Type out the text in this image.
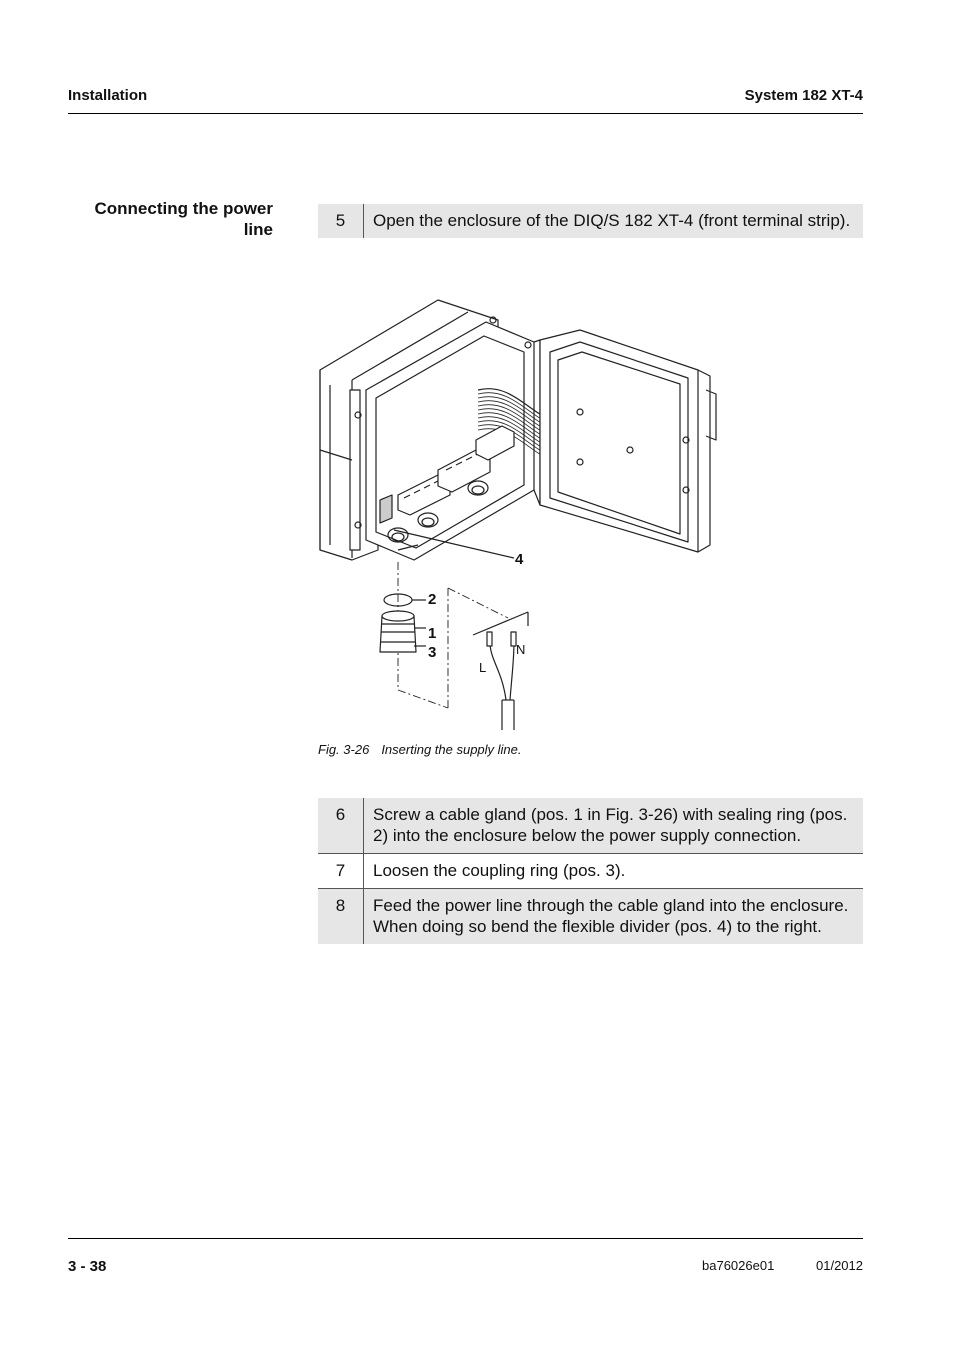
Installation	System 182 XT-4
Connecting the power line	5	Open the enclosure of the DIQ/S 182 XT-4 (front terminal strip).
4
2
1
3
L
N
Fig. 3-26 Inserting the supply line.
6	Screw a cable gland (pos. 1 in Fig. 3-26) with sealing ring (pos. 2) into the enclosure below the power supply connection.
7	Loosen the coupling ring (pos. 3).
8	Feed the power line through the cable gland into the enclosure. When doing so bend the flexible divider (pos. 4) to the right.
3 - 38	ba76026e01	01/2012
